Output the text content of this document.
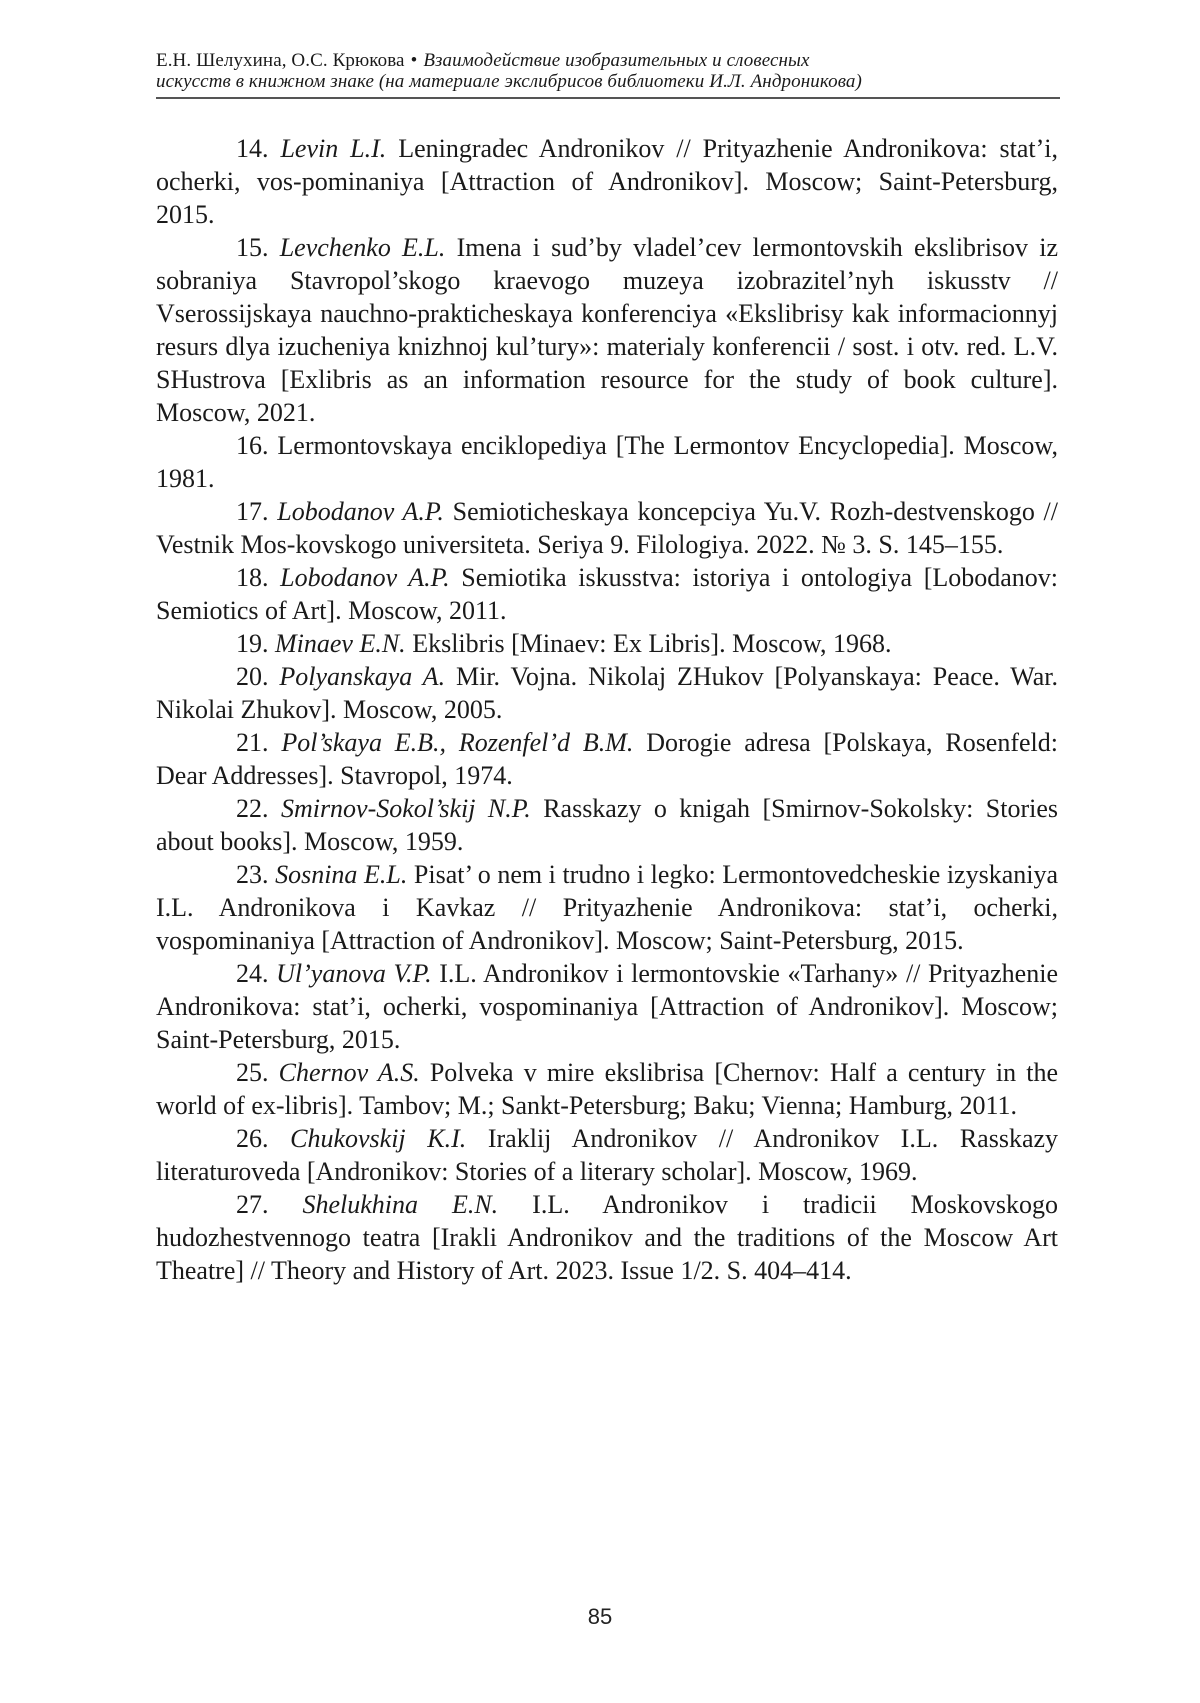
Е.Н. Шелухина, О.С. Крюкова • Взаимодействие изобразительных и словесных
искусств в книжном знаке (на материале экслибрисов библиотеки И.Л. Андроникова)

14. Levin L.I. Leningradec Andronikov // Prityazhenie Andronikova: stat’i, ocherki, vos-pominaniya [Attraction of Andronikov]. Moscow; Saint-Petersburg, 2015.

15. Levchenko E.L. Imena i sud’by vladel’cev lermontovskih ekslibrisov iz sobraniya Stavropol’skogo kraevogo muzeya izobrazitel’nyh iskusstv // Vserossijskaya nauchno-prakticheskaya konferenciya «Ekslibrisy kak informacionnyj resurs dlya izucheniya knizhnoj kul’tury»: materialy konferencii / sost. i otv. red. L.V. SHustrova [Exlibris as an information resource for the study of book culture]. Moscow, 2021.

16. Lermontovskaya enciklopediya [The Lermontov Encyclopedia]. Moscow, 1981.

17. Lobodanov A.P. Semioticheskaya koncepciya Yu.V. Rozh-destvenskogo // Vestnik Mos-kovskogo universiteta. Seriya 9. Filologiya. 2022. № 3. S. 145–155.

18. Lobodanov A.P. Semiotika iskusstva: istoriya i ontologiya [Lobodanov: Semiotics of Art]. Moscow, 2011.

19. Minaev E.N. Ekslibris [Minaev: Ex Libris]. Moscow, 1968.

20. Polyanskaya A. Mir. Vojna. Nikolaj ZHukov [Polyanskaya: Peace. War. Nikolai Zhukov]. Moscow, 2005.

21. Pol’skaya E.B., Rozenfel’d B.M. Dorogie adresa [Polskaya, Rosenfeld: Dear Addresses]. Stavropol, 1974.

22. Smirnov-Sokol’skij N.P. Rasskazy o knigah [Smirnov-Sokolsky: Stories about books]. Moscow, 1959.

23. Sosnina E.L. Pisat’ o nem i trudno i legko: Lermontovedcheskie izyskaniya I.L. Andronikova i Kavkaz // Prityazhenie Andronikova: stat’i, ocherki, vospominaniya [Attraction of Andronikov]. Moscow; Saint-Petersburg, 2015.

24. Ul’yanova V.P. I.L. Andronikov i lermontovskie «Tarhany» // Prityazhenie Andronikova: stat’i, ocherki, vospominaniya [Attraction of Andronikov]. Moscow; Saint-Petersburg, 2015.

25. Chernov A.S. Polveka v mire ekslibrisa [Chernov: Half a century in the world of ex-libris]. Tambov; M.; Sankt-Petersburg; Baku; Vienna; Hamburg, 2011.

26. Chukovskij K.I. Iraklij Andronikov // Andronikov I.L. Rasskazy literaturoveda [Andronikov: Stories of a literary scholar]. Moscow, 1969.

27. Shelukhina E.N. I.L. Andronikov i tradicii Moskovskogo hudozhestvennogo teatra [Irakli Andronikov and the traditions of the Moscow Art Theatre] // Theory and History of Art. 2023. Issue 1/2. S. 404–414.

85
